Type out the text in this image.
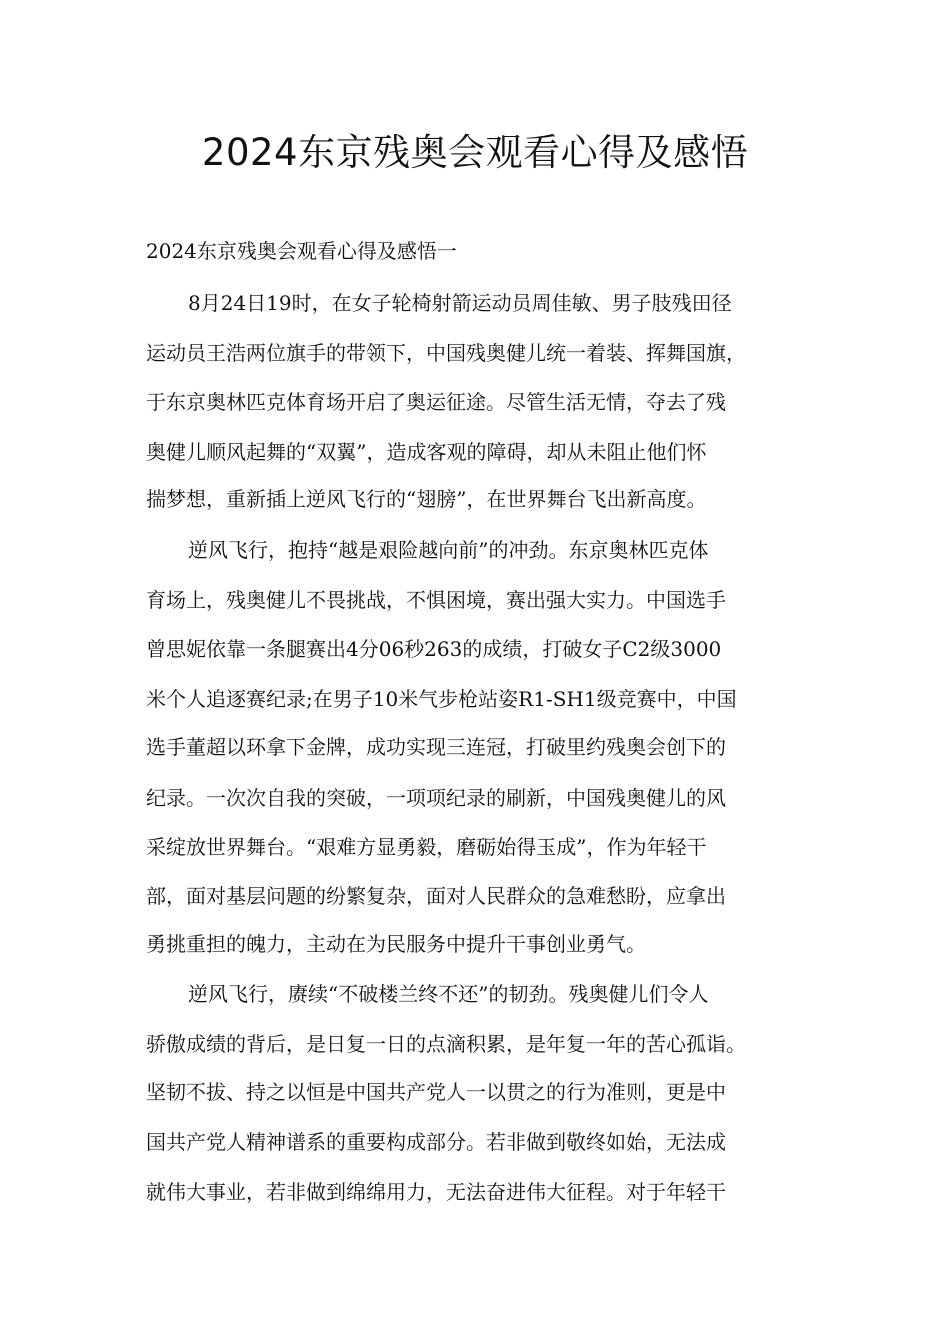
2024东京残奥会观看心得及感悟

2024东京残奥会观看心得及感悟一

8月24日19时，在女子轮椅射箭运动员周佳敏、男子肢残田径

运动员王浩两位旗手的带领下，中国残奥健儿统一着装、挥舞国旗，

于东京奥林匹克体育场开启了奥运征途。尽管生活无情，夺去了残

奥健儿顺风起舞的“双翼”，造成客观的障碍，却从未阻止他们怀

揣梦想，重新插上逆风飞行的“翅膀”，在世界舞台飞出新高度。

逆风飞行，抱持“越是艰险越向前”的冲劲。东京奥林匹克体

育场上，残奥健儿不畏挑战，不惧困境，赛出强大实力。中国选手

曾思妮依靠一条腿赛出4分06秒263的成绩，打破女子C2级3000

米个人追逐赛纪录;在男子10米气步枪站姿R1-SH1级竞赛中，中国

选手董超以环拿下金牌，成功实现三连冠，打破里约残奥会创下的

纪录。一次次自我的突破，一项项纪录的刷新，中国残奥健儿的风

采绽放世界舞台。“艰难方显勇毅，磨砺始得玉成”，作为年轻干

部，面对基层问题的纷繁复杂，面对人民群众的急难愁盼，应拿出

勇挑重担的魄力，主动在为民服务中提升干事创业勇气。

逆风飞行，赓续“不破楼兰终不还”的韧劲。残奥健儿们令人

骄傲成绩的背后，是日复一日的点滴积累，是年复一年的苦心孤诣。

坚韧不拔、持之以恒是中国共产党人一以贯之的行为准则，更是中

国共产党人精神谱系的重要构成部分。若非做到敬终如始，无法成

就伟大事业，若非做到绵绵用力，无法奋进伟大征程。对于年轻干
